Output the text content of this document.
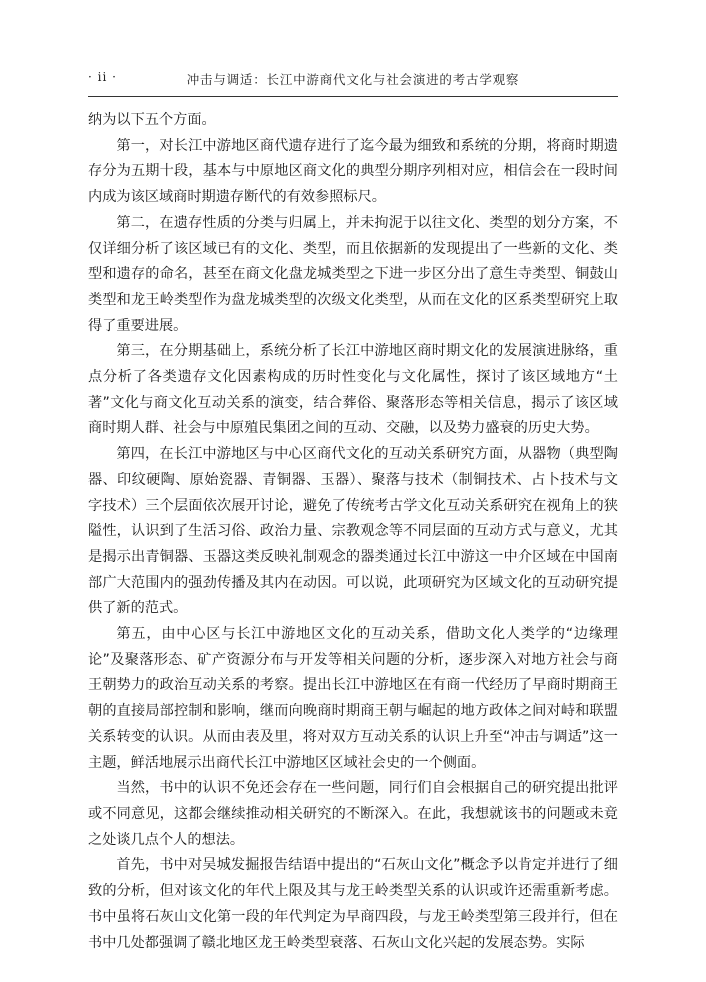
· ii ·	冲击与调适：长江中游商代文化与社会演进的考古学观察

纳为以下五个方面。

第一，对长江中游地区商代遗存进行了迄今最为细致和系统的分期，将商时期遗存分为五期十段，基本与中原地区商文化的典型分期序列相对应，相信会在一段时间内成为该区域商时期遗存断代的有效参照标尺。

第二，在遗存性质的分类与归属上，并未拘泥于以往文化、类型的划分方案，不仅详细分析了该区域已有的文化、类型，而且依据新的发现提出了一些新的文化、类型和遗存的命名，甚至在商文化盘龙城类型之下进一步区分出了意生寺类型、铜鼓山类型和龙王岭类型作为盘龙城类型的次级文化类型，从而在文化的区系类型研究上取得了重要进展。

第三，在分期基础上，系统分析了长江中游地区商时期文化的发展演进脉络，重点分析了各类遗存文化因素构成的历时性变化与文化属性，探讨了该区域地方“土著”文化与商文化互动关系的演变，结合葬俗、聚落形态等相关信息，揭示了该区域商时期人群、社会与中原殖民集团之间的互动、交融，以及势力盛衰的历史大势。

第四，在长江中游地区与中心区商代文化的互动关系研究方面，从器物（典型陶器、印纹硬陶、原始瓷器、青铜器、玉器）、聚落与技术（制铜技术、占卜技术与文字技术）三个层面依次展开讨论，避免了传统考古学文化互动关系研究在视角上的狭隘性，认识到了生活习俗、政治力量、宗教观念等不同层面的互动方式与意义，尤其是揭示出青铜器、玉器这类反映礼制观念的器类通过长江中游这一中介区域在中国南部广大范围内的强劲传播及其内在动因。可以说，此项研究为区域文化的互动研究提供了新的范式。

第五，由中心区与长江中游地区文化的互动关系，借助文化人类学的“边缘理论”及聚落形态、矿产资源分布与开发等相关问题的分析，逐步深入对地方社会与商王朝势力的政治互动关系的考察。提出长江中游地区在有商一代经历了早商时期商王朝的直接局部控制和影响，继而向晚商时期商王朝与崛起的地方政体之间对峙和联盟关系转变的认识。从而由表及里，将对双方互动关系的认识上升至“冲击与调适”这一主题，鲜活地展示出商代长江中游地区区域社会史的一个侧面。

当然，书中的认识不免还会存在一些问题，同行们自会根据自己的研究提出批评或不同意见，这都会继续推动相关研究的不断深入。在此，我想就该书的问题或未竟之处谈几点个人的想法。

首先，书中对吴城发掘报告结语中提出的“石灰山文化”概念予以肯定并进行了细致的分析，但对该文化的年代上限及其与龙王岭类型关系的认识或许还需重新考虑。书中虽将石灰山文化第一段的年代判定为早商四段，与龙王岭类型第三段并行，但在书中几处都强调了赣北地区龙王岭类型衰落、石灰山文化兴起的发展态势。实际
